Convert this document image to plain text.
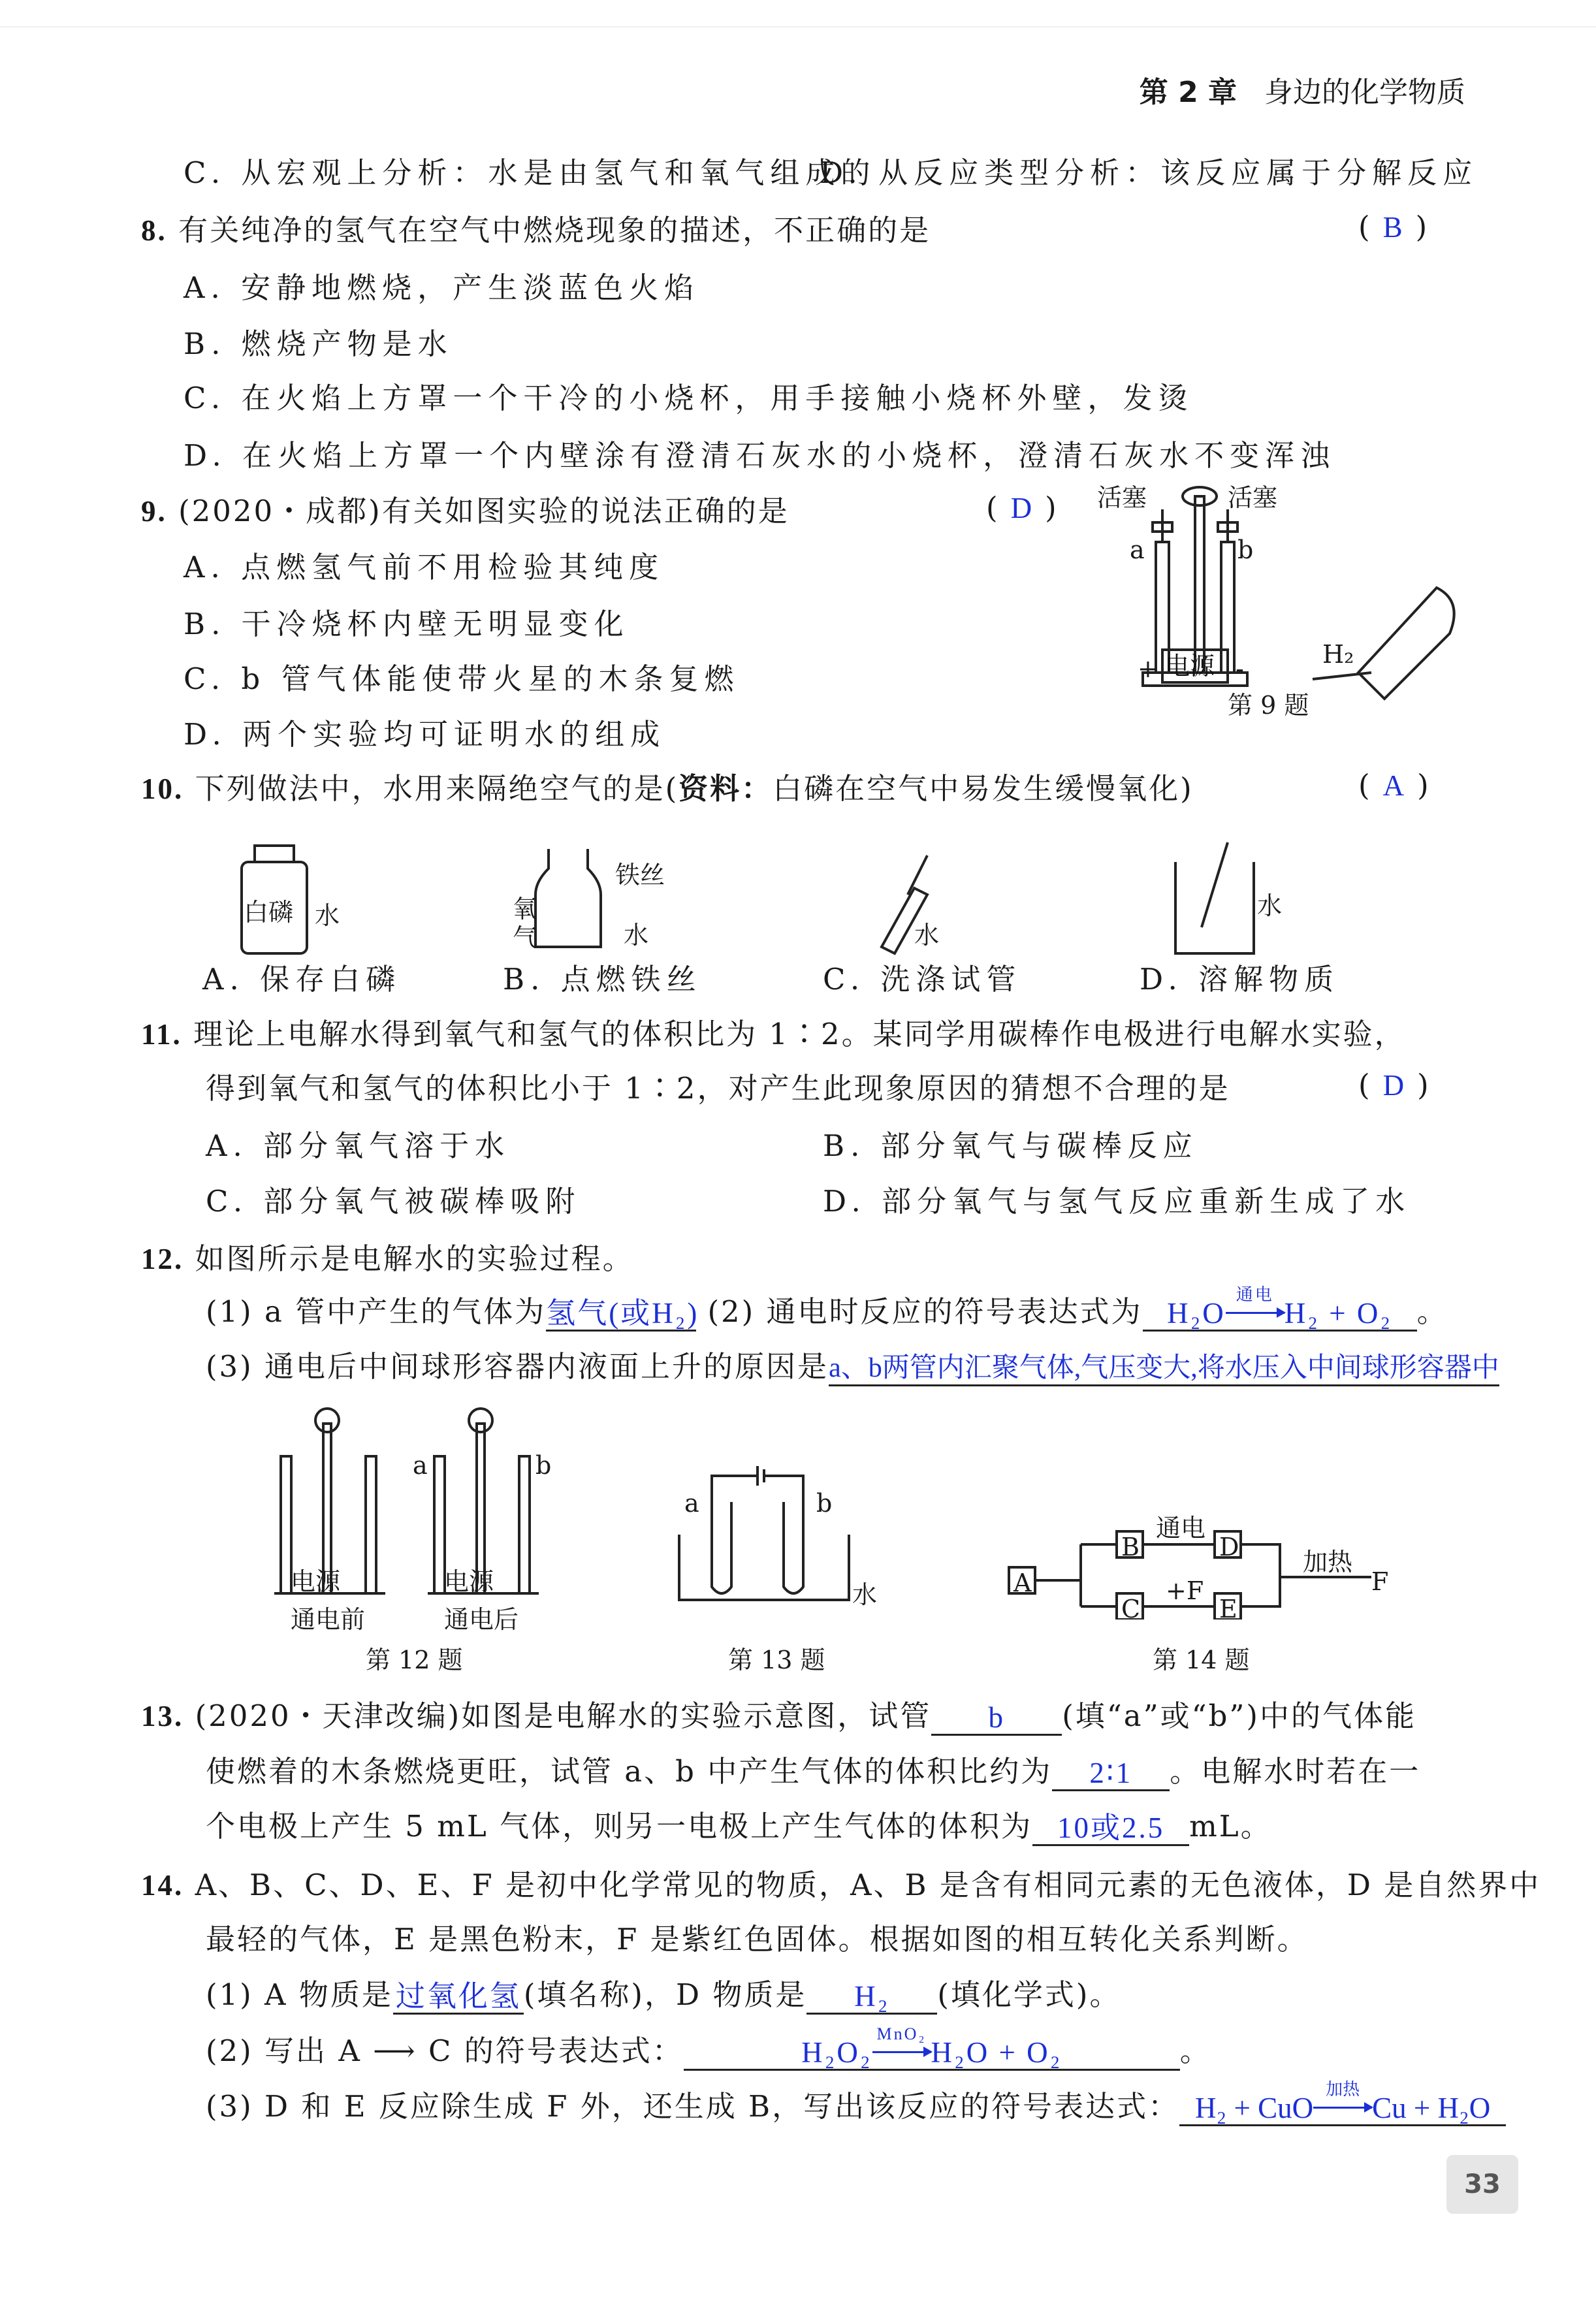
第 2 章 身边的化学物质
C. 从宏观上分析：水是由氢气和氧气组成的
D. 从反应类型分析：该反应属于分解反应
8. 有关纯净的氢气在空气中燃烧现象的描述，不正确的是	(B)
A. 安静地燃烧，产生淡蓝色火焰
B. 燃烧产物是水
C. 在火焰上方罩一个干冷的小烧杯，用手接触小烧杯外壁，发烫
D. 在火焰上方罩一个内壁涂有澄清石灰水的小烧杯，澄清石灰水不变浑浊
9. (2020・成都)有关如图实验的说法正确的是	(D)
A. 点燃氢气前不用检验其纯度
B. 干冷烧杯内壁无明显变化
C. b 管气体能使带火星的木条复燃
D. 两个实验均可证明水的组成
活塞	活塞
a	b
电源
+	-	H₂
第 9 题
10. 下列做法中，水用来隔绝空气的是(资料：白磷在空气中易发生缓慢氧化)	(A)
白磷 水
铁丝
氧气	水	水
水
A. 保存白磷	B. 点燃铁丝	C. 洗涤试管	D. 溶解物质
11. 理论上电解水得到氧气和氢气的体积比为 1∶2。某同学用碳棒作电极进行电解水实验，
得到氧气和氢气的体积比小于 1∶2，对产生此现象原因的猜想不合理的是	(D)
A. 部分氧气溶于水	B. 部分氧气与碳棒反应
C. 部分氧气被碳棒吸附	D. 部分氧气与氢气反应重新生成了水
12. 如图所示是电解水的实验过程。
(1) a 管中产生的气体为氢气(或H₂) (2) 通电时反应的符号表达式为 H₂O
通电
H₂ + O₂ 。
(3) 通电后中间球形容器内液面上升的原因是a、b两管内汇聚气体,气压变大,将水压入中间球形容器中
电源
通电前
电源
通电后
a	b
第 12 题
a	b
水
第 13 题
A
B	D
C	E
通电
+F
加热
F
第 14 题
13. (2020・天津改编)如图是电解水的实验示意图，试管 b (填“a”或“b”)中的气体能
使燃着的木条燃烧更旺，试管 a、b 中产生气体的体积比约为 2∶1 。电解水时若在一
个电极上产生 5 mL 气体，则另一电极上产生气体的体积为 10或2.5 mL。
14. A、B、C、D、E、F 是初中化学常见的物质，A、B 是含有相同元素的无色液体，D 是自然界中
最轻的气体，E 是黑色粉末，F 是紫红色固体。根据如图的相互转化关系判断。
(1) A 物质是过氧化氢(填名称)，D 物质是 H₂ (填化学式)。
(2) 写出 A ⟶ C 的符号表达式：	H₂O₂
MnO₂
H₂O + O₂	。
(3) D 和 E 反应除生成 F 外，还生成 B，写出该反应的符号表达式： H₂ + CuO
加热
Cu + H₂O
33
